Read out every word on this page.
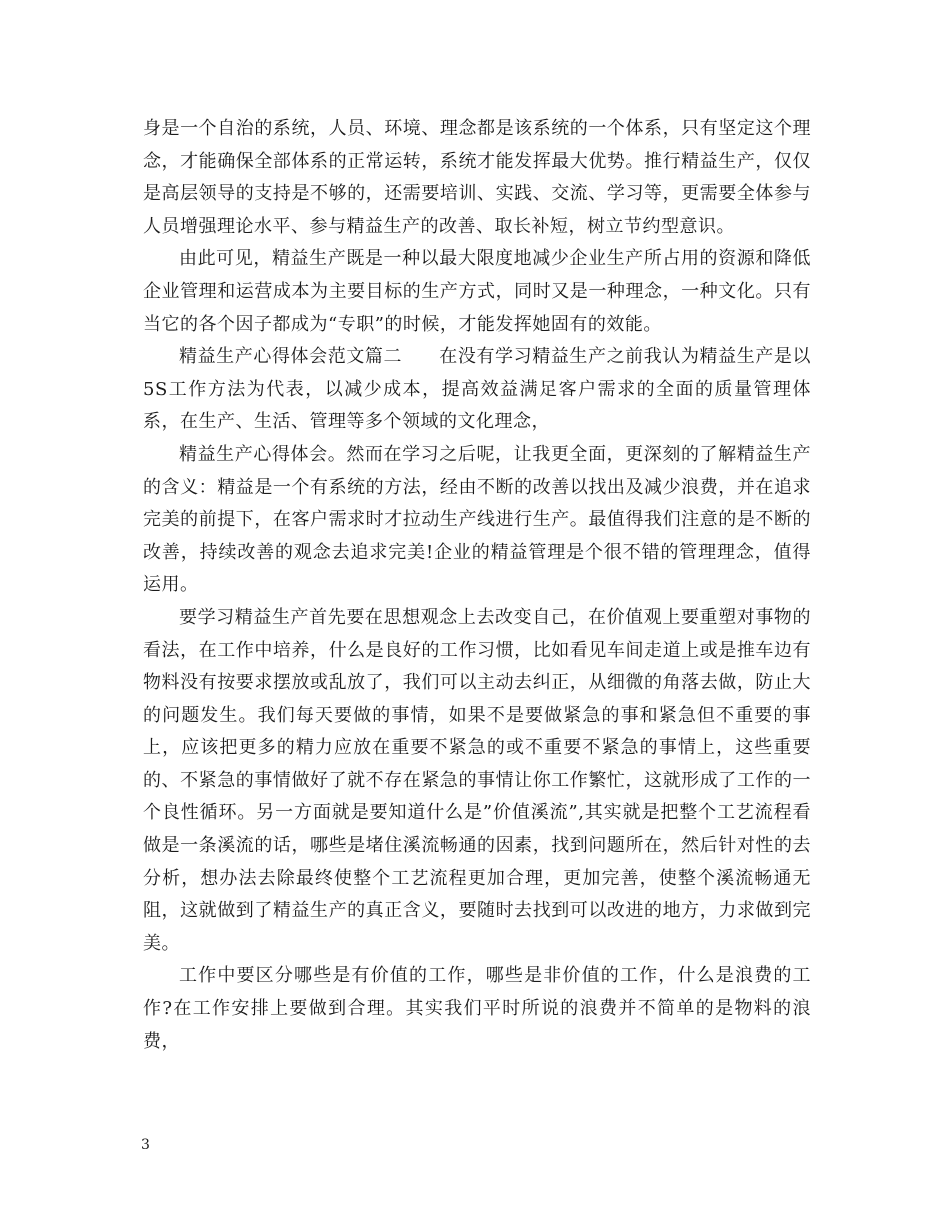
身是一个自治的系统，人员、环境、理念都是该系统的一个体系，只有坚定这个理念，才能确保全部体系的正常运转，系统才能发挥最大优势。推行精益生产，仅仅是高层领导的支持是不够的，还需要培训、实践、交流、学习等，更需要全体参与人员增强理论水平、参与精益生产的改善、取长补短，树立节约型意识。

由此可见，精益生产既是一种以最大限度地减少企业生产所占用的资源和降低企业管理和运营成本为主要目标的生产方式，同时又是一种理念，一种文化。只有当它的各个因子都成为“专职”的时候，才能发挥她固有的效能。

精益生产心得体会范文篇二　　在没有学习精益生产之前我认为精益生产是以5S工作方法为代表，以减少成本，提高效益满足客户需求的全面的质量管理体系，在生产、生活、管理等多个领域的文化理念，

精益生产心得体会。然而在学习之后呢，让我更全面，更深刻的了解精益生产的含义：精益是一个有系统的方法，经由不断的改善以找出及减少浪费，并在追求完美的前提下，在客户需求时才拉动生产线进行生产。最值得我们注意的是不断的改善，持续改善的观念去追求完美!企业的精益管理是个很不错的管理理念，值得运用。

要学习精益生产首先要在思想观念上去改变自己，在价值观上要重塑对事物的看法，在工作中培养，什么是良好的工作习惯，比如看见车间走道上或是推车边有物料没有按要求摆放或乱放了，我们可以主动去纠正，从细微的角落去做，防止大的问题发生。我们每天要做的事情，如果不是要做紧急的事和紧急但不重要的事上，应该把更多的精力应放在重要不紧急的或不重要不紧急的事情上，这些重要的、不紧急的事情做好了就不存在紧急的事情让你工作繁忙，这就形成了工作的一个良性循环。另一方面就是要知道什么是”价值溪流”,其实就是把整个工艺流程看做是一条溪流的话，哪些是堵住溪流畅通的因素，找到问题所在，然后针对性的去分析，想办法去除最终使整个工艺流程更加合理，更加完善，使整个溪流畅通无阻，这就做到了精益生产的真正含义，要随时去找到可以改进的地方，力求做到完美。

工作中要区分哪些是有价值的工作，哪些是非价值的工作，什么是浪费的工作?在工作安排上要做到合理。其实我们平时所说的浪费并不简单的是物料的浪费，

3
